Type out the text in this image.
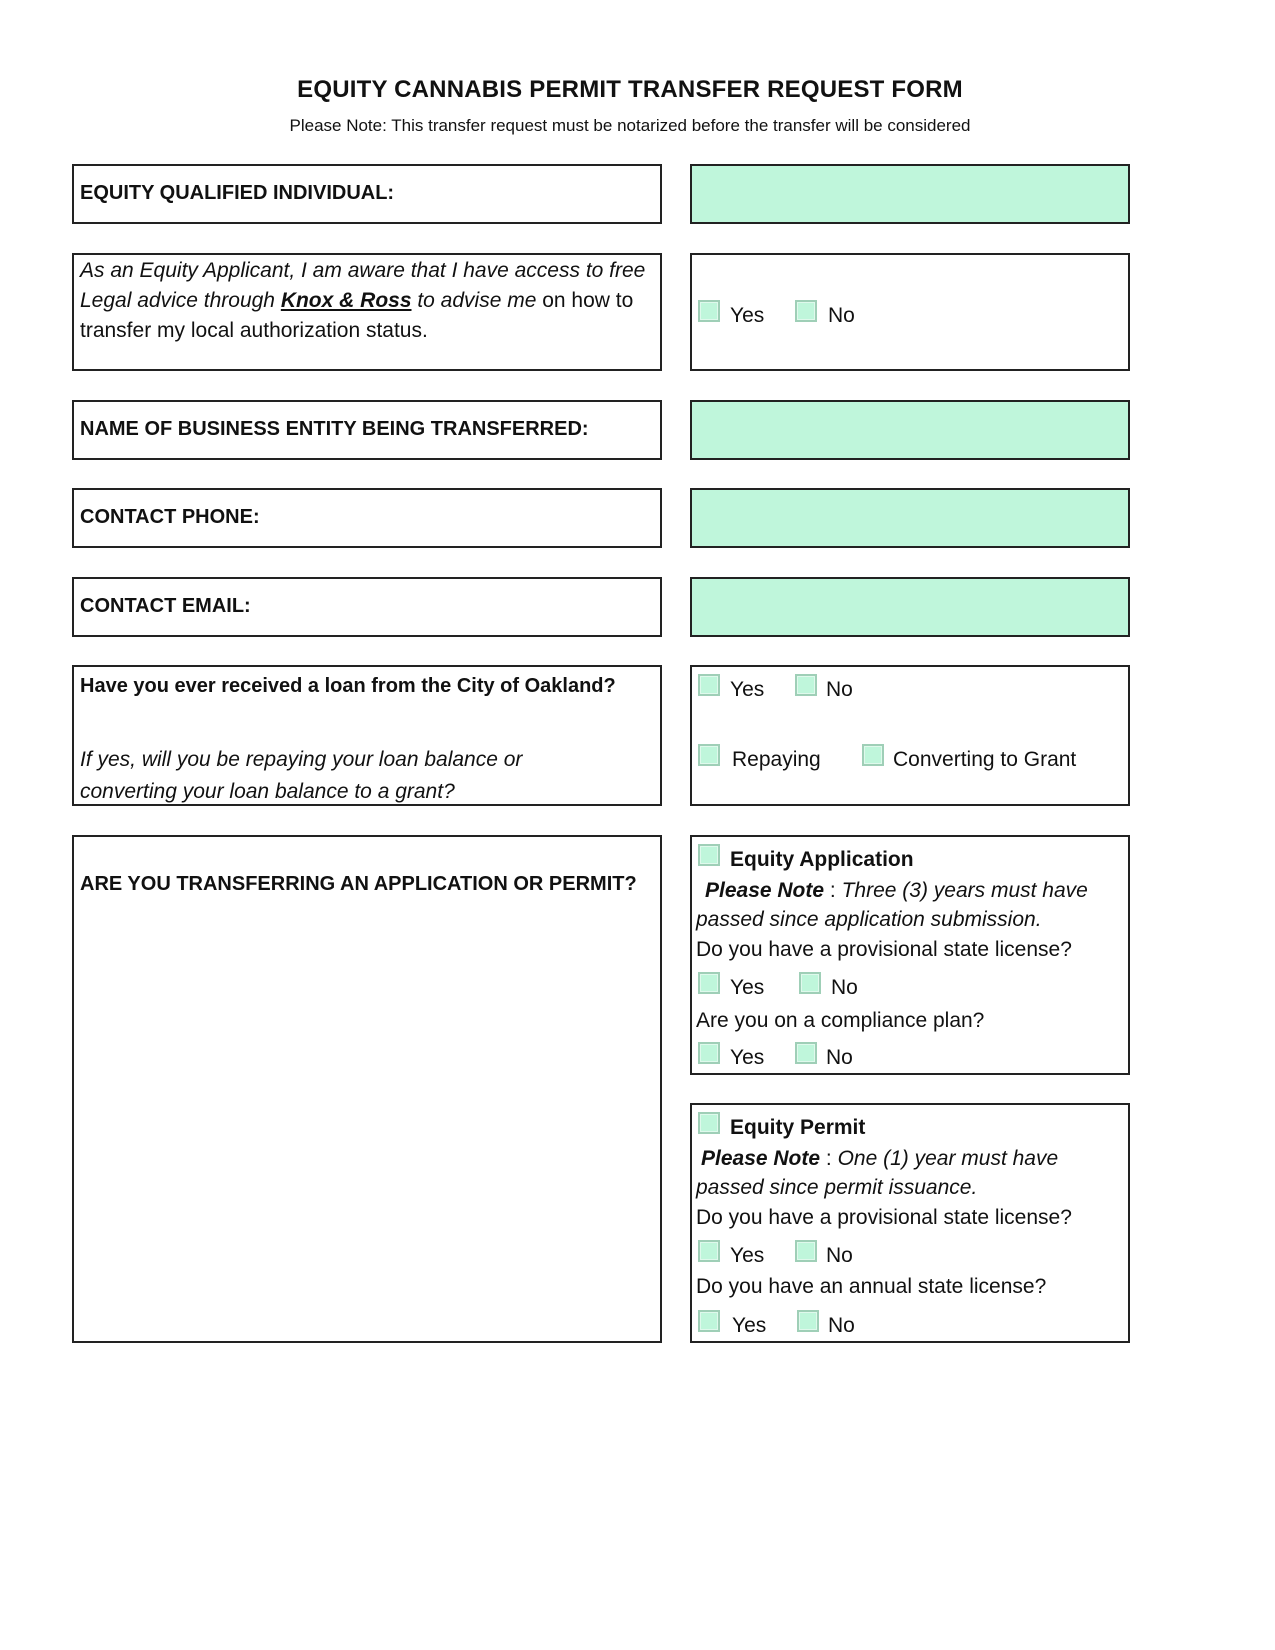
EQUITY CANNABIS PERMIT TRANSFER REQUEST FORM
Please Note: This transfer request must be notarized before the transfer will be considered
EQUITY QUALIFIED INDIVIDUAL:
As an Equity Applicant, I am aware that I have access to free
Legal advice through Knox & Ross to advise me on how to
transfer my local authorization status.
Yes	No
NAME OF BUSINESS ENTITY BEING TRANSFERRED:
CONTACT PHONE:
CONTACT EMAIL:
Have you ever received a loan from the City of Oakland?
If yes, will you be repaying your loan balance or
converting your loan balance to a grant?
Yes	No
Repaying	Converting to Grant
ARE YOU TRANSFERRING AN APPLICATION OR PERMIT?
Equity Application
Please Note : Three (3) years must have
passed since application submission.
Do you have a provisional state license?
Yes	No
Are you on a compliance plan?
Yes	No
Equity Permit
Please Note : One (1) year must have
passed since permit issuance.
Do you have a provisional state license?
Yes	No
Do you have an annual state license?
Yes	No
